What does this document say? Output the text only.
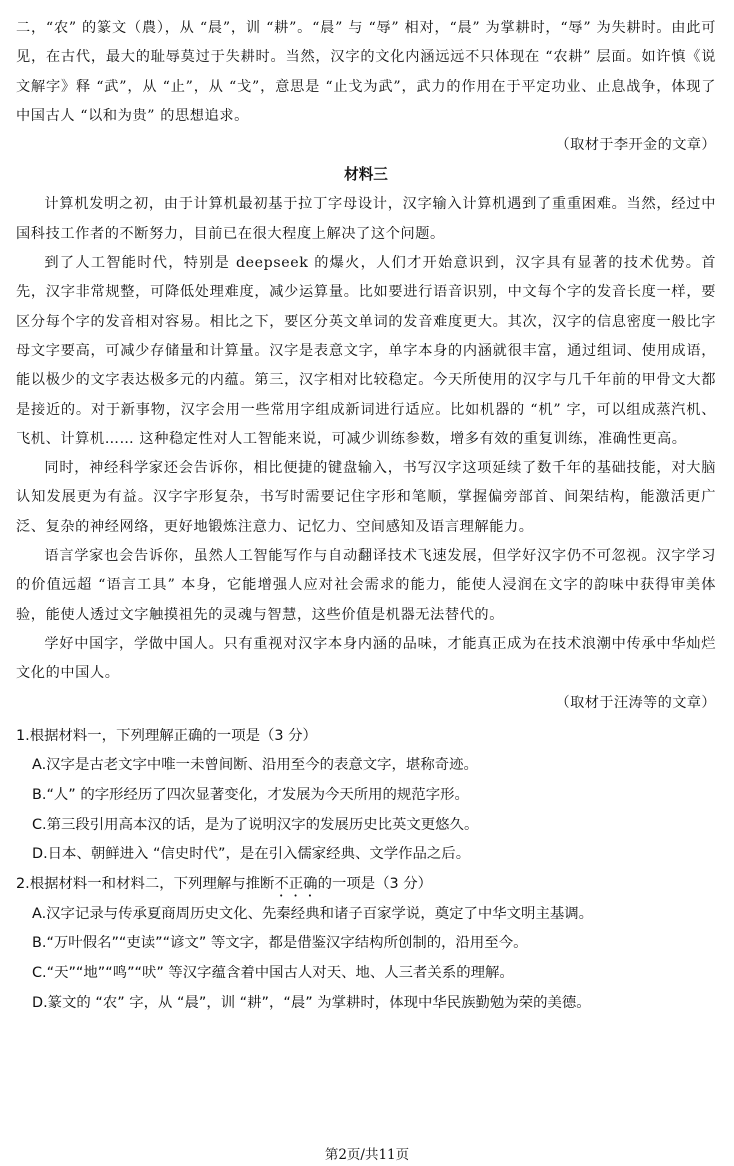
二，“农” 的篆文（農），从 “晨”，训 “耕”。“晨” 与 “辱” 相对，“晨” 为掌耕时，“辱” 为失耕时。由此可见，在古代，最大的耻辱莫过于失耕时。当然，汉字的文化内涵远远不只体现在 “农耕” 层面。如许慎《说文解字》释 “武”，从 “止”，从 “戈”，意思是 “止戈为武”，武力的作用在于平定功业、止息战争，体现了中国古人 “以和为贵” 的思想追求。

（取材于李开金的文章）

材料三

计算机发明之初，由于计算机最初基于拉丁字母设计，汉字输入计算机遇到了重重困难。当然，经过中国科技工作者的不断努力，目前已在很大程度上解决了这个问题。

到了人工智能时代，特别是 deepseek 的爆火，人们才开始意识到，汉字具有显著的技术优势。首先，汉字非常规整，可降低处理难度，减少运算量。比如要进行语音识别，中文每个字的发音长度一样，要区分每个字的发音相对容易。相比之下，要区分英文单词的发音难度更大。其次，汉字的信息密度一般比字母文字要高，可减少存储量和计算量。汉字是表意文字，单字本身的内涵就很丰富，通过组词、使用成语，能以极少的文字表达极多元的内蕴。第三，汉字相对比较稳定。今天所使用的汉字与几千年前的甲骨文大都是接近的。对于新事物，汉字会用一些常用字组成新词进行适应。比如机器的 “机” 字，可以组成蒸汽机、飞机、计算机…… 这种稳定性对人工智能来说，可减少训练参数，增多有效的重复训练，准确性更高。

同时，神经科学家还会告诉你，相比便捷的键盘输入，书写汉字这项延续了数千年的基础技能，对大脑认知发展更为有益。汉字字形复杂，书写时需要记住字形和笔顺，掌握偏旁部首、间架结构，能激活更广泛、复杂的神经网络，更好地锻炼注意力、记忆力、空间感知及语言理解能力。

语言学家也会告诉你，虽然人工智能写作与自动翻译技术飞速发展，但学好汉字仍不可忽视。汉字学习的价值远超 “语言工具” 本身，它能增强人应对社会需求的能力，能使人浸润在文字的韵味中获得审美体验，能使人透过文字触摸祖先的灵魂与智慧，这些价值是机器无法替代的。

学好中国字，学做中国人。只有重视对汉字本身内涵的品味，才能真正成为在技术浪潮中传承中华灿烂文化的中国人。

（取材于汪涛等的文章）

1.根据材料一，下列理解正确的一项是（3 分）

A.汉字是古老文字中唯一未曾间断、沿用至今的表意文字，堪称奇迹。

B.“人” 的字形经历了四次显著变化，才发展为今天所用的规范字形。

C.第三段引用高本汉的话，是为了说明汉字的发展历史比英文更悠久。

D.日本、朝鲜进入 “信史时代”，是在引入儒家经典、文学作品之后。

2.根据材料一和材料二，下列理解与推断不正确的一项是（3 分）

A.汉字记录与传承夏商周历史文化、先秦经典和诸子百家学说，奠定了中华文明主基调。

B.“万叶假名”“吏读”“谚文” 等文字，都是借鉴汉字结构所创制的，沿用至今。

C.“天”“地”“鸣”“吠” 等汉字蕴含着中国古人对天、地、人三者关系的理解。

D.篆文的 “农” 字，从 “晨”，训 “耕”，“晨” 为掌耕时，体现中华民族勤勉为荣的美德。

第2页/共11页
